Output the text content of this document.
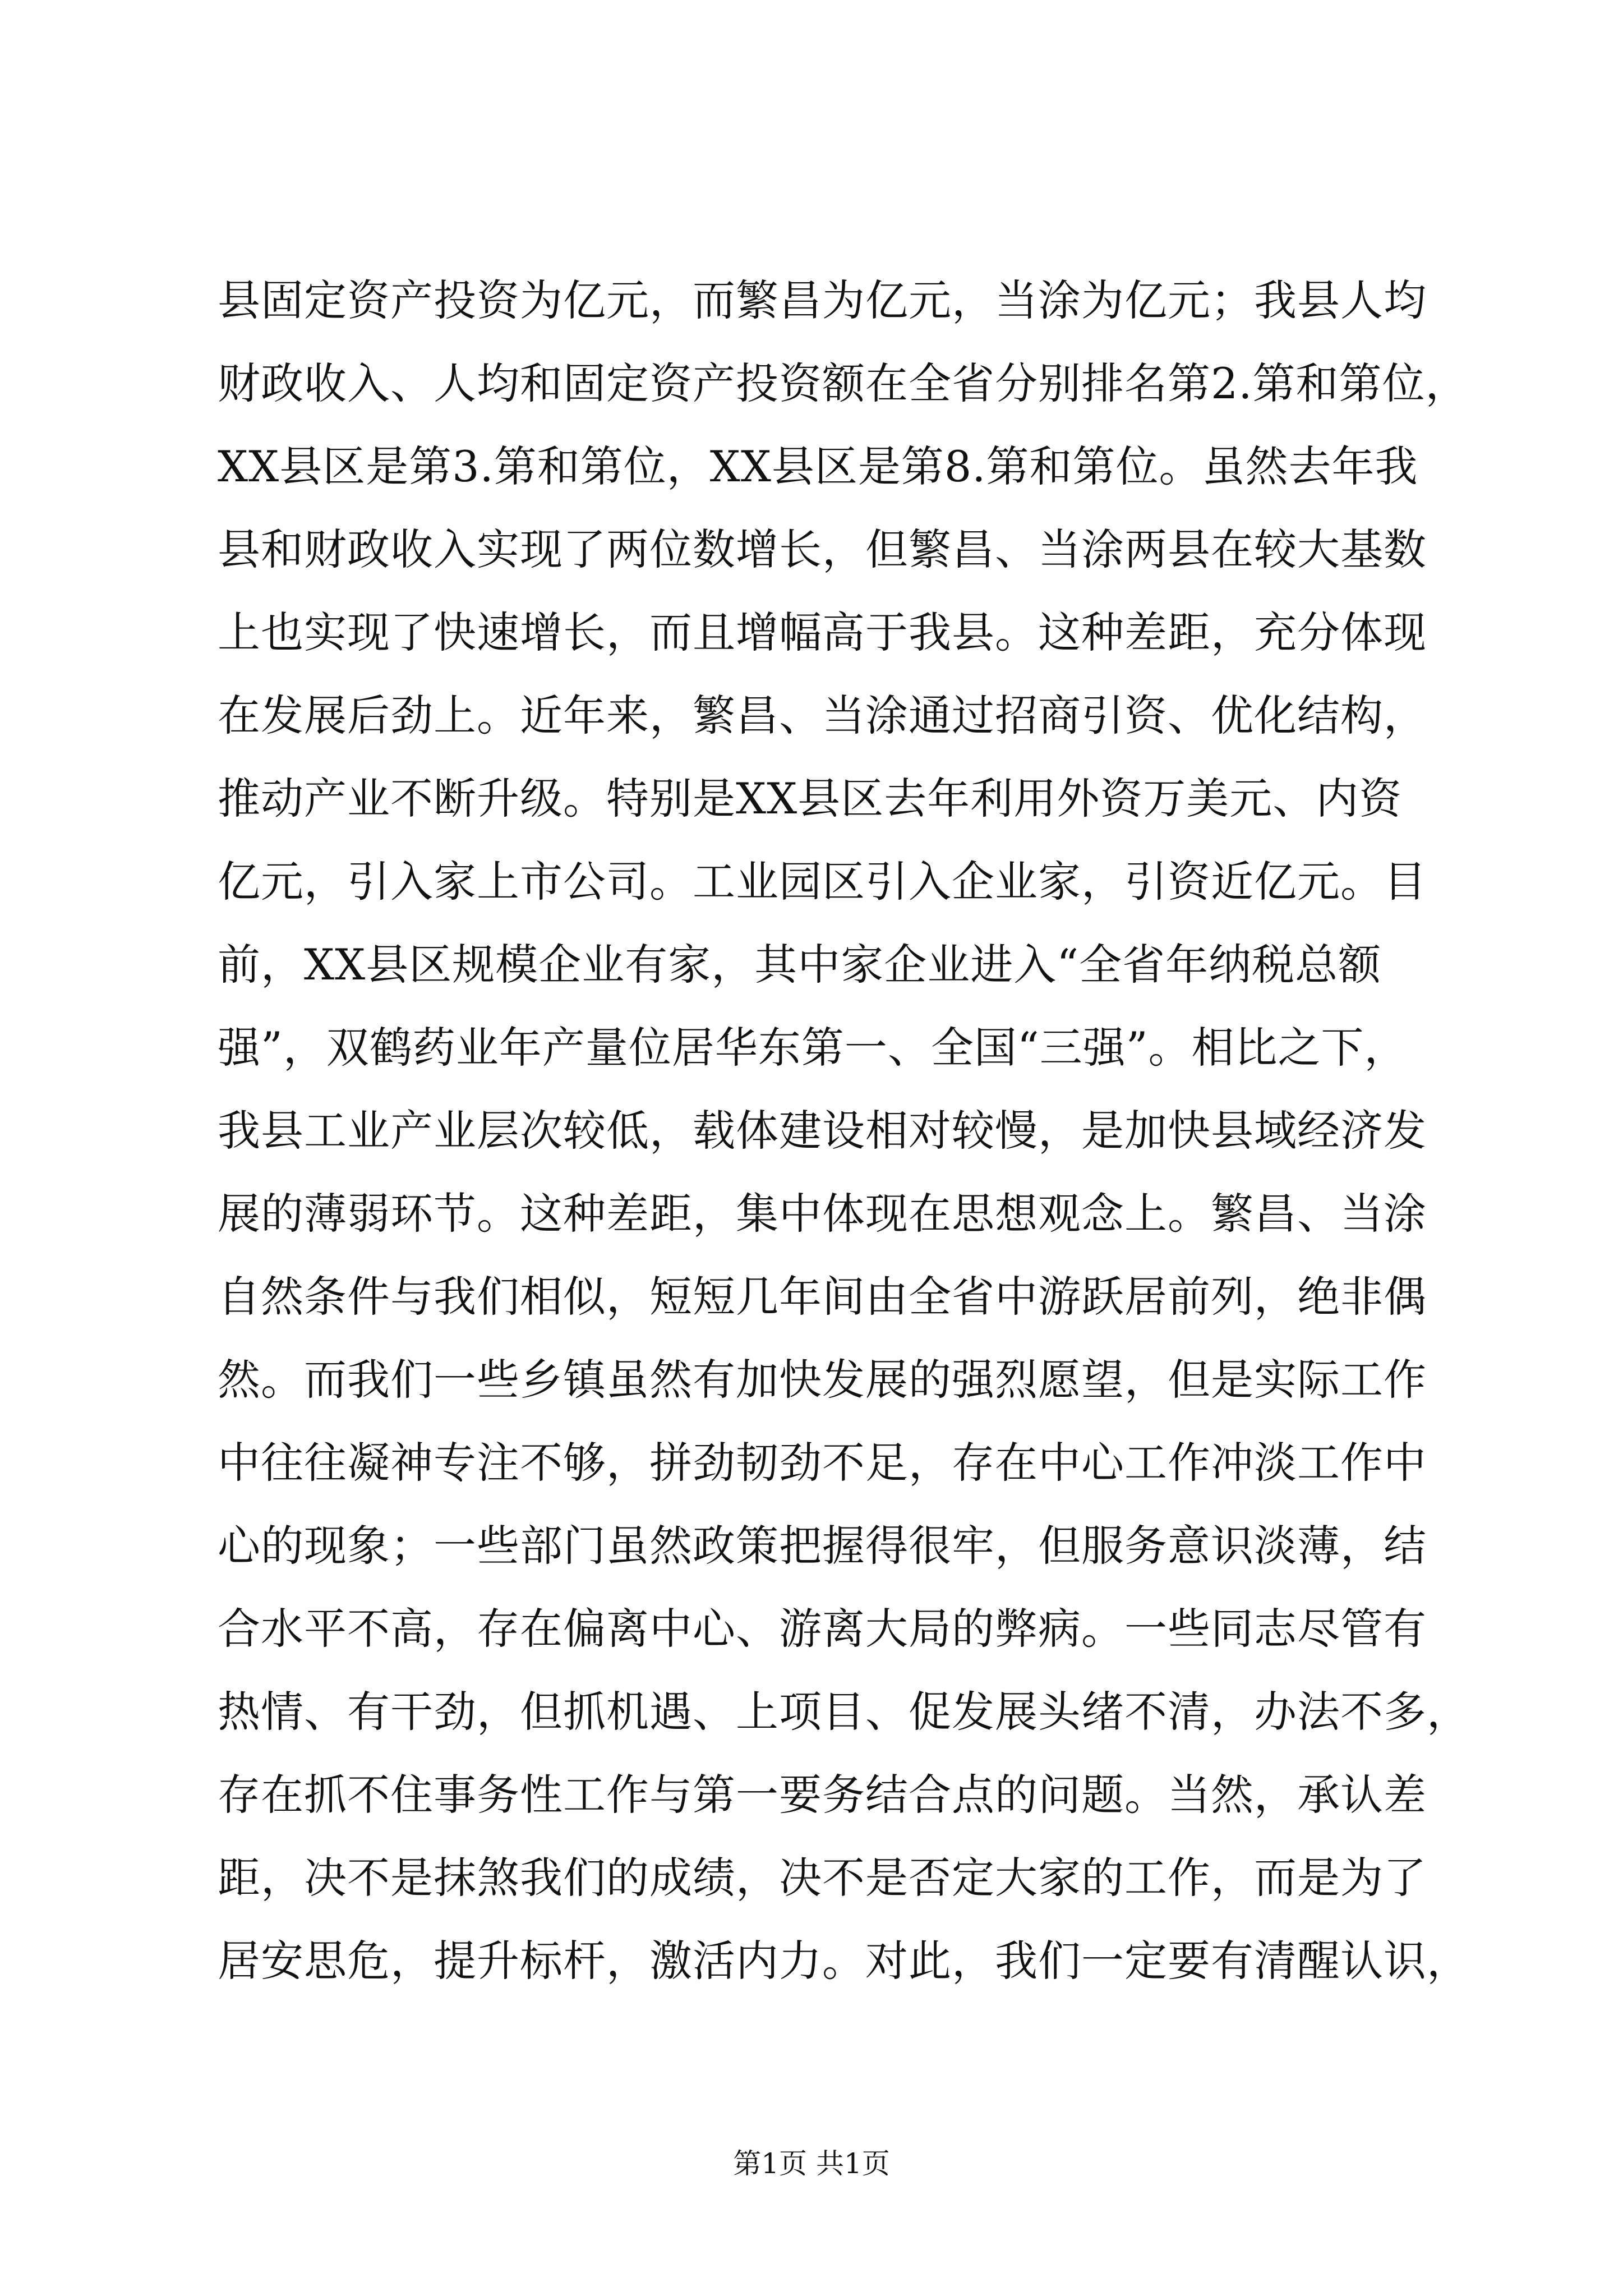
县固定资产投资为亿元，而繁昌为亿元，当涂为亿元；我县人均
财政收入、人均和固定资产投资额在全省分别排名第2.第和第位，
XX县区是第3.第和第位，XX县区是第8.第和第位。虽然去年我
县和财政收入实现了两位数增长，但繁昌、当涂两县在较大基数
上也实现了快速增长，而且增幅高于我县。这种差距，充分体现
在发展后劲上。近年来，繁昌、当涂通过招商引资、优化结构，
推动产业不断升级。特别是XX县区去年利用外资万美元、内资
亿元，引入家上市公司。工业园区引入企业家，引资近亿元。目
前，XX县区规模企业有家，其中家企业进入“全省年纳税总额
强”，双鹤药业年产量位居华东第一、全国“三强”。相比之下，
我县工业产业层次较低，载体建设相对较慢，是加快县域经济发
展的薄弱环节。这种差距，集中体现在思想观念上。繁昌、当涂
自然条件与我们相似，短短几年间由全省中游跃居前列，绝非偶
然。而我们一些乡镇虽然有加快发展的强烈愿望，但是实际工作
中往往凝神专注不够，拼劲韧劲不足，存在中心工作冲淡工作中
心的现象；一些部门虽然政策把握得很牢，但服务意识淡薄，结
合水平不高，存在偏离中心、游离大局的弊病。一些同志尽管有
热情、有干劲，但抓机遇、上项目、促发展头绪不清，办法不多，
存在抓不住事务性工作与第一要务结合点的问题。当然，承认差
距，决不是抹煞我们的成绩，决不是否定大家的工作，而是为了
居安思危，提升标杆，激活内力。对此，我们一定要有清醒认识，
第1页 共1页
